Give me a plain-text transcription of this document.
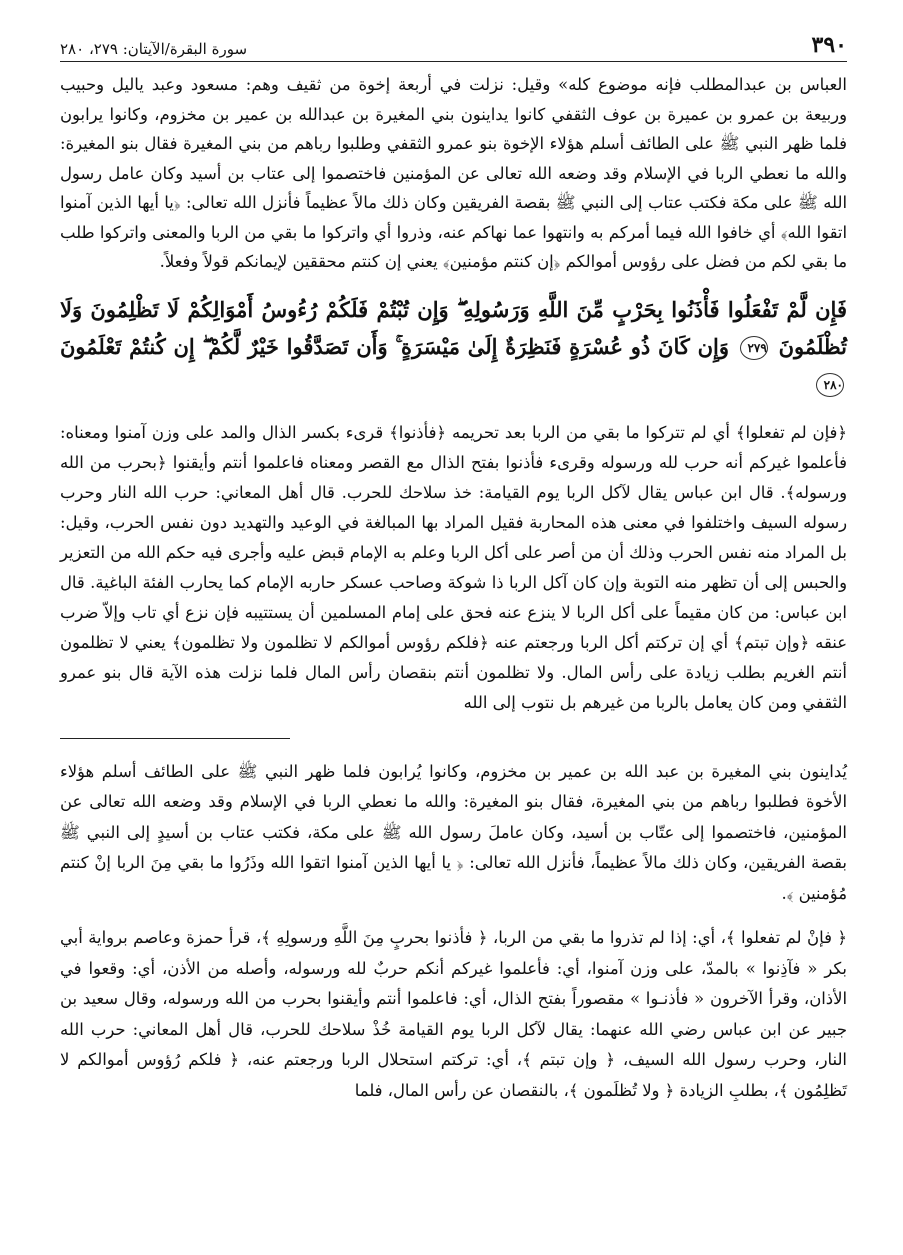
٣٩٠
سورة البقرة/الآيتان: ٢٧٩، ٢٨٠

العباس بن عبدالمطلب فإنه موضوع كله» وقيل: نزلت في أربعة إخوة من ثقيف وهم: مسعود وعبد ياليل وحبيب وربيعة بن عمرو بن عميرة بن عوف الثقفي كانوا يداينون بني المغيرة بن عبدالله بن عمير بن مخزوم، وكانوا يرابون فلما ظهر النبي ﷺ على الطائف أسلم هؤلاء الإخوة بنو عمرو الثقفي وطلبوا رباهم من بني المغيرة فقال بنو المغيرة: والله ما نعطي الربا في الإسلام وقد وضعه الله تعالى عن المؤمنين فاختصموا إلى عتاب بن أسيد وكان عامل رسول الله ﷺ على مكة فكتب عتاب إلى النبي ﷺ بقصة الفريقين وكان ذلك مالاً عظيماً فأنزل الله تعالى: ﴿يا أيها الذين آمنوا اتقوا الله﴾ أي خافوا الله فيما أمركم به وانتهوا عما نهاكم عنه، وذروا أي واتركوا ما بقي من الربا والمعنى واتركوا طلب ما بقي لكم من فضل على رؤوس أموالكم ﴿إن كنتم مؤمنين﴾ يعني إن كنتم محققين لإيمانكم قولاً وفعلاً.

فَإِن لَّمْ تَفْعَلُوا فَأْذَنُوا بِحَرْبٍ مِّنَ اللَّهِ وَرَسُولِهِ ۖ وَإِن تُبْتُمْ فَلَكُمْ رُءُوسُ أَمْوَالِكُمْ لَا تَظْلِمُونَ وَلَا تُظْلَمُونَ ٢٧٩ وَإِن كَانَ ذُو عُسْرَةٍ فَنَظِرَةٌ إِلَىٰ مَيْسَرَةٍ ۚ وَأَن تَصَدَّقُوا خَيْرٌ لَّكُمْ ۖ إِن كُنتُمْ تَعْلَمُونَ ٢٨٠

﴿فإن لم تفعلوا﴾ أي لم تتركوا ما بقي من الربا بعد تحريمه ﴿فأذنوا﴾ قرىء بكسر الذال والمد على وزن آمنوا ومعناه: فأعلموا غيركم أنه حرب لله ورسوله وقرىء فأذنوا بفتح الذال مع القصر ومعناه فاعلموا أنتم وأيقنوا ﴿بحرب من الله ورسوله﴾. قال ابن عباس يقال لآكل الربا يوم القيامة: خذ سلاحك للحرب. قال أهل المعاني: حرب الله النار وحرب رسوله السيف واختلفوا في معنى هذه المحاربة فقيل المراد بها المبالغة في الوعيد والتهديد دون نفس الحرب، وقيل: بل المراد منه نفس الحرب وذلك أن من أصر على أكل الربا وعلم به الإمام قبض عليه وأجرى فيه حكم الله من التعزير والحبس إلى أن تظهر منه التوبة وإن كان آكل الربا ذا شوكة وصاحب عسكر حاربه الإمام كما يحارب الفئة الباغية. قال ابن عباس: من كان مقيماً على أكل الربا لا ينزع عنه فحق على إمام المسلمين أن يستتيبه فإن نزع أي تاب وإلاّ ضرب عنقه ﴿وإن تبتم﴾ أي إن تركتم أكل الربا ورجعتم عنه ﴿فلكم رؤوس أموالكم لا تظلمون ولا تظلمون﴾ يعني لا تظلمون أنتم الغريم بطلب زيادة على رأس المال. ولا تظلمون أنتم بنقصان رأس المال فلما نزلت هذه الآية قال بنو عمرو الثقفي ومن كان يعامل بالربا من غيرهم بل نتوب إلى الله

يُداينون بني المغيرة بن عبد الله بن عمير بن مخزوم، وكانوا يُرابون فلما ظهر النبي ﷺ على الطائف أسلم هؤلاء الأخوة فطلبوا رباهم من بني المغيرة، فقال بنو المغيرة: والله ما نعطي الربا في الإسلام وقد وضعه الله تعالى عن المؤمنين، فاختصموا إلى عتّاب بن أسيد، وكان عاملَ رسول الله ﷺ على مكة، فكتب عتاب بن أسيدٍ إلى النبي ﷺ بقصة الفريقين، وكان ذلك مالاً عظيماً، فأنزل الله تعالى: ﴿ يا أيها الذين آمنوا اتقوا الله وذَرُوا ما بقي مِنَ الربا إنْ كنتم مُؤمنين ﴾.

﴿ فإنْ لم تفعلوا ﴾، أي: إذا لم تذروا ما بقي من الربا، ﴿ فأذنوا بحربٍ مِنَ اللَّهِ ورسولِهِ ﴾، قرأ حمزة وعاصم برواية أبي بكر « فآذِنوا » بالمدّ، على وزن آمنوا، أي: فأعلموا غيركم أنكم حربٌ لله ورسوله، وأصله من الأذن، أي: وقعوا في الأذان، وقرأ الآخرون « فأذنـوا » مقصوراً بفتح الذال، أي: فاعلموا أنتم وأيقنوا بحرب من الله ورسوله، وقال سعيد بن جبير عن ابن عباس رضي الله عنهما: يقال لآكل الربا يوم القيامة خُذْ سلاحك للحرب، قال أهل المعاني: حرب الله النار، وحرب رسول الله السيف، ﴿ وإن تبتم ﴾، أي: تركتم استحلال الربا ورجعتم عنه، ﴿ فلكم رُؤوس أموالكم لا تَظلِمُون ﴾، بطلبِ الزيادة ﴿ ولا تُظلَمون ﴾، بالنقصان عن رأس المال، فلما
